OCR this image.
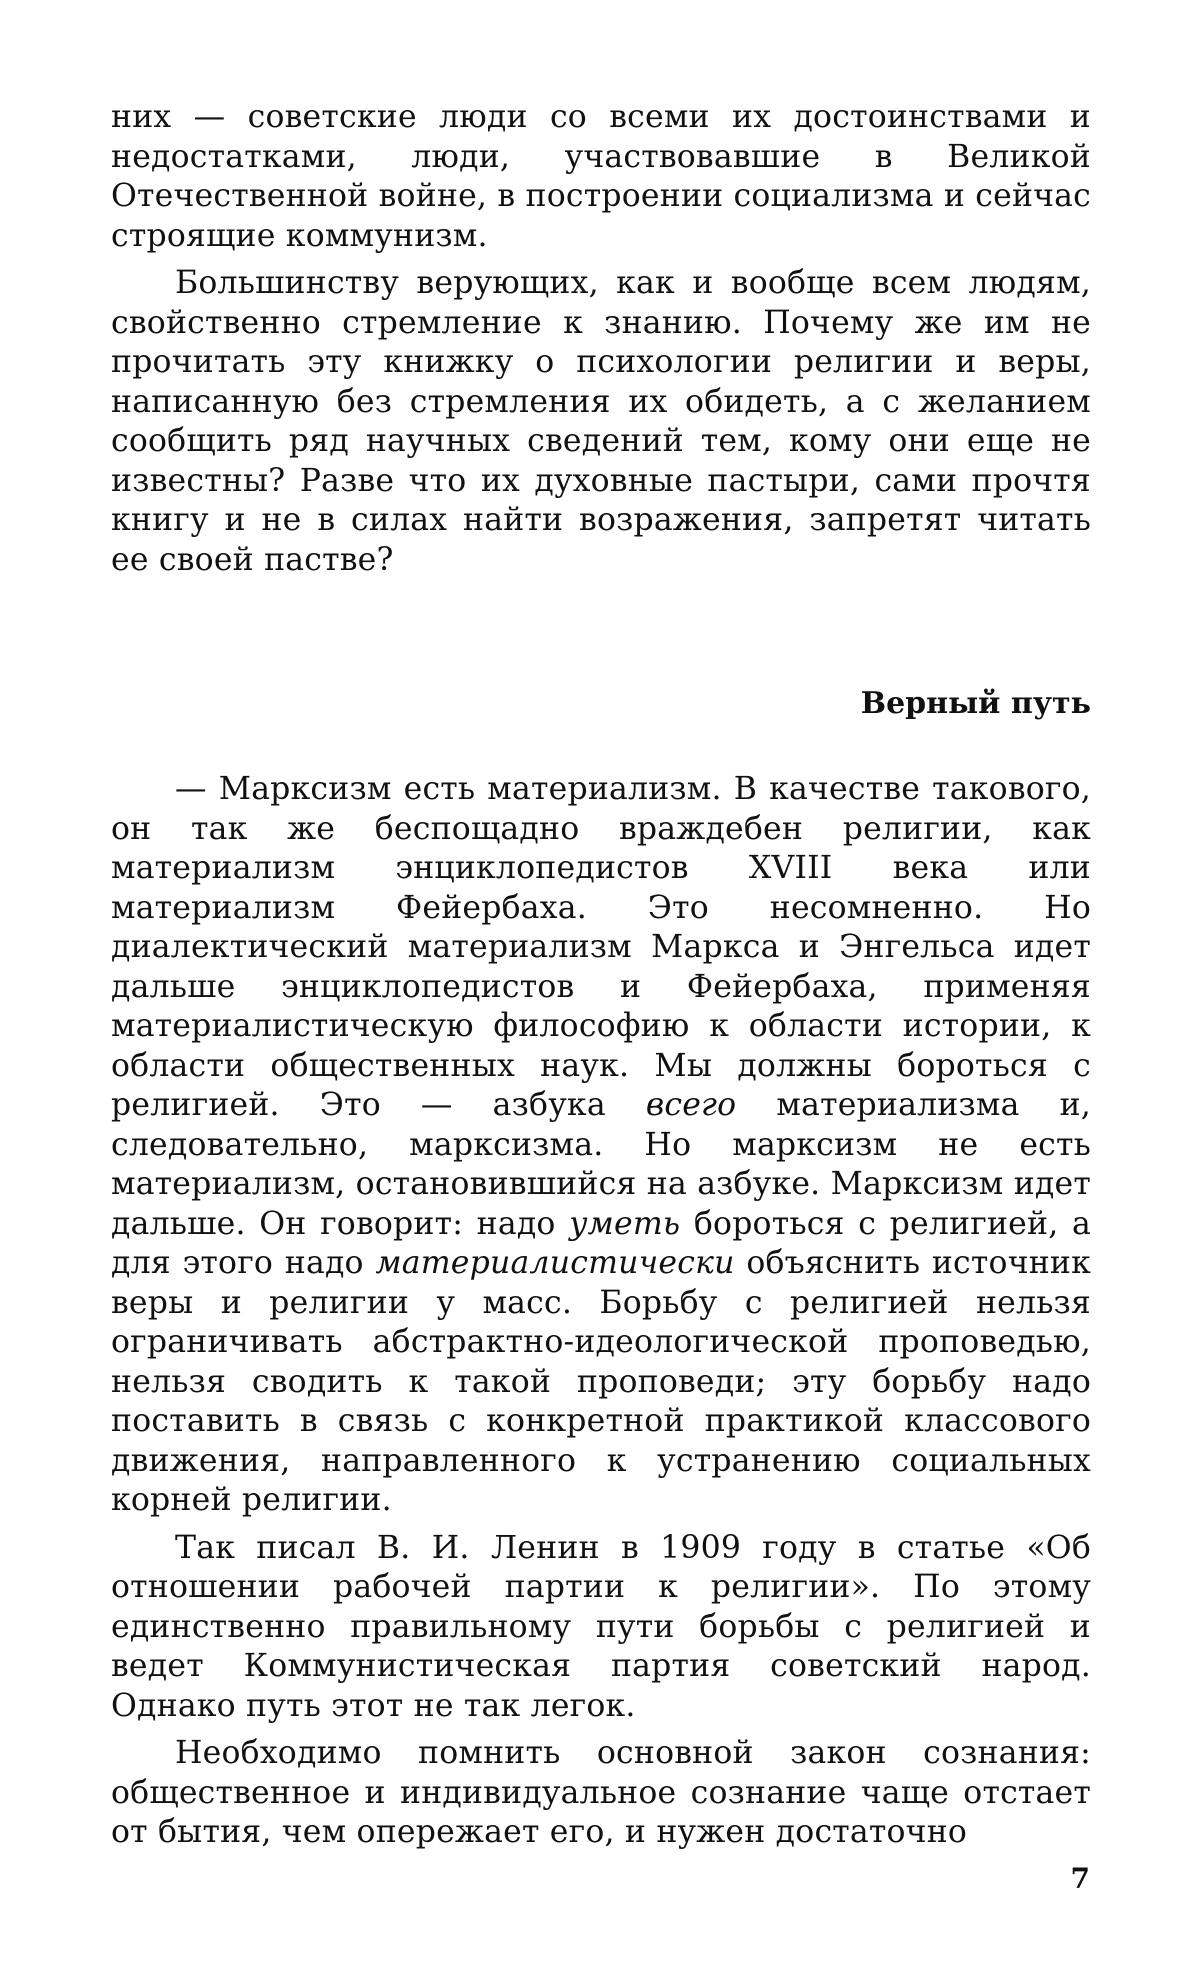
них — советские люди со всеми их достоинствами и недостатками, люди, участвовавшие в Великой Отечественной войне, в построении социализма и сейчас строящие коммунизм.

Большинству верующих, как и вообще всем людям, свойственно стремление к знанию. Почему же им не прочитать эту книжку о психологии религии и веры, написанную без стремления их обидеть, а с желанием сообщить ряд научных сведений тем, кому они еще не известны? Разве что их духовные пастыри, сами прочтя книгу и не в силах найти возражения, запретят читать ее своей пастве?

Верный путь

— Марксизм есть материализм. В качестве такового, он так же беспощадно враждебен религии, как материализм энциклопедистов XVIII века или материализм Фейербаха. Это несомненно. Но диалектический материализм Маркса и Энгельса идет дальше энциклопедистов и Фейербаха, применяя материалистическую философию к области истории, к области общественных наук. Мы должны бороться с религией. Это — азбука всего материализма и, следовательно, марксизма. Но марксизм не есть материализм, остановившийся на азбуке. Марксизм идет дальше. Он говорит: надо уметь бороться с религией, а для этого надо материалистически объяснить источник веры и религии у масс. Борьбу с религией нельзя ограничивать абстрактно-идеологической проповедью, нельзя сводить к такой проповеди; эту борьбу надо поставить в связь с конкретной практикой классового движения, направленного к устранению социальных корней религии.

Так писал В. И. Ленин в 1909 году в статье «Об отношении рабочей партии к религии». По этому единственно правильному пути борьбы с религией и ведет Коммунистическая партия советский народ. Однако путь этот не так легок.

Необходимо помнить основной закон сознания: общественное и индивидуальное сознание чаще отстает от бытия, чем опережает его, и нужен достаточно

7
